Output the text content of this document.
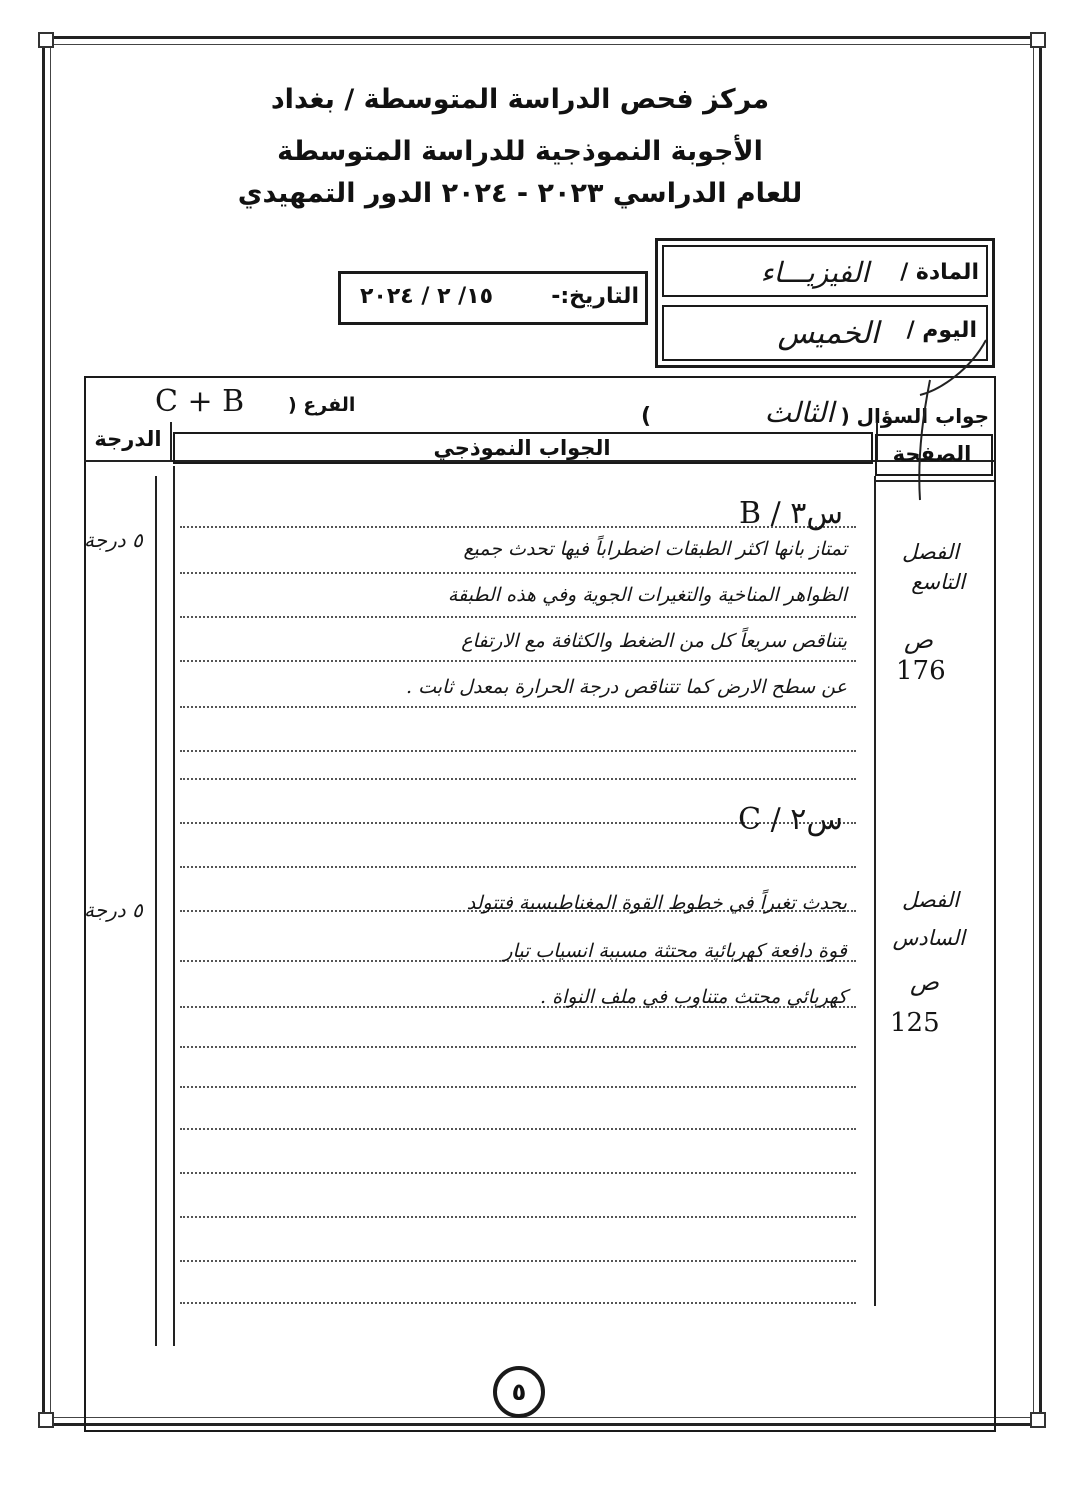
مركز فحص الدراسة المتوسطة / بغداد
الأجوبة النموذجية للدراسة المتوسطة
للعام الدراسي ٢٠٢٣ - ٢٠٢٤ الدور التمهيدي
المادة /
الفيزيـــاء
اليوم /
الخميس
التاريخ:-
١٥/ ٢ / ٢٠٢٤
جواب السؤال (
الثالث
)
الفرع (
C + B
الصفحة
الجواب النموذجي
الدرجة
س٣ / B
تمتاز بانها اكثر الطبقات اضطراباً فيها تحدث جميع
الظواهر المناخية والتغيرات الجوية وفي هذه الطبقة
يتناقص سريعاً كل من الضغط والكثافة مع الارتفاع
عن سطح الارض كما تتناقص درجة الحرارة بمعدل ثابت .
٥ درجة	الفصل
التاسع
ص
176
س٢ / C
يحدث تغيراً في خطوط القوة المغناطيسية فتتولد
قوة دافعة كهربائية محتثة مسببة انسياب تيار
كهربائي محتث متناوب في ملف النواة .
٥ درجة	الفصل
السادس
ص
125
٥
